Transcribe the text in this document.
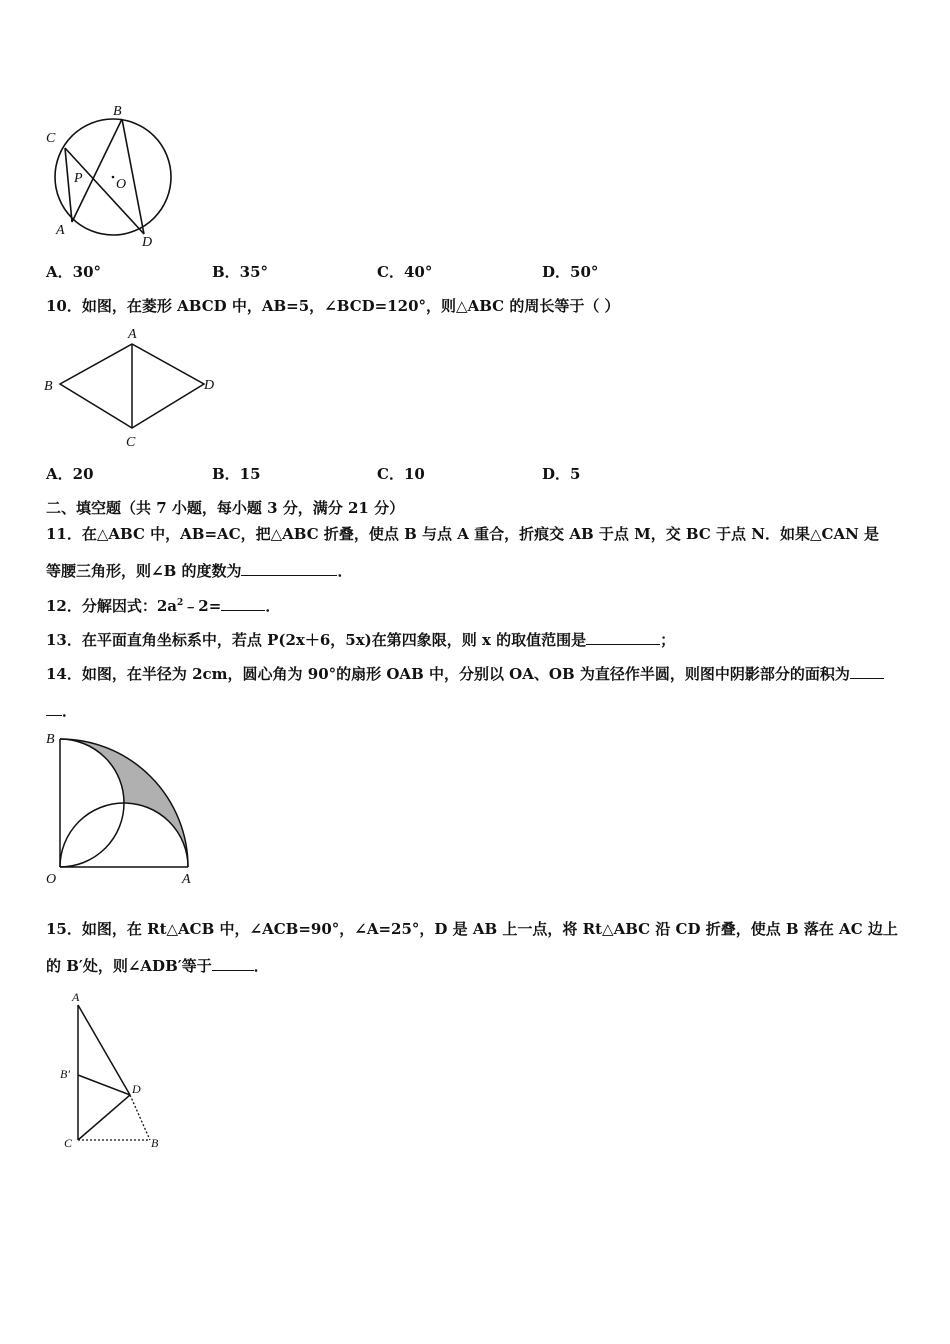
C
B
P O
A
D
A．30°	B．35°	C．40°	D．50°
10．如图，在菱形 ABCD 中，AB=5，∠BCD=120°，则△ABC 的周长等于（ ）
A
B	D
C
A．20	B．15	C．10	D．5
二、填空题（共 7 小题，每小题 3 分，满分 21 分）
11．在△ABC 中，AB=AC，把△ABC 折叠，使点 B 与点 A 重合，折痕交 AB 于点 M，交 BC 于点 N．如果△CAN 是
等腰三角形，则∠B 的度数为	．
12．分解因式：$2a^2﹣2=$	．
13．在平面直角坐标系中，若点 P(2x＋6，5x)在第四象限，则 x 的取值范围是	；
14．如图，在半径为 2cm，圆心角为 90°的扇形 OAB 中，分别以 OA、OB 为直径作半圆，则图中阴影部分的面积为
．
B
O	A
15．如图，在 Rt△ACB 中，∠ACB=90°，∠A=25°，D 是 AB 上一点，将 Rt△ABC 沿 CD 折叠，使点 B 落在 AC 边上
的 B′处，则∠ADB′等于	．
A
B′
D
C	B
